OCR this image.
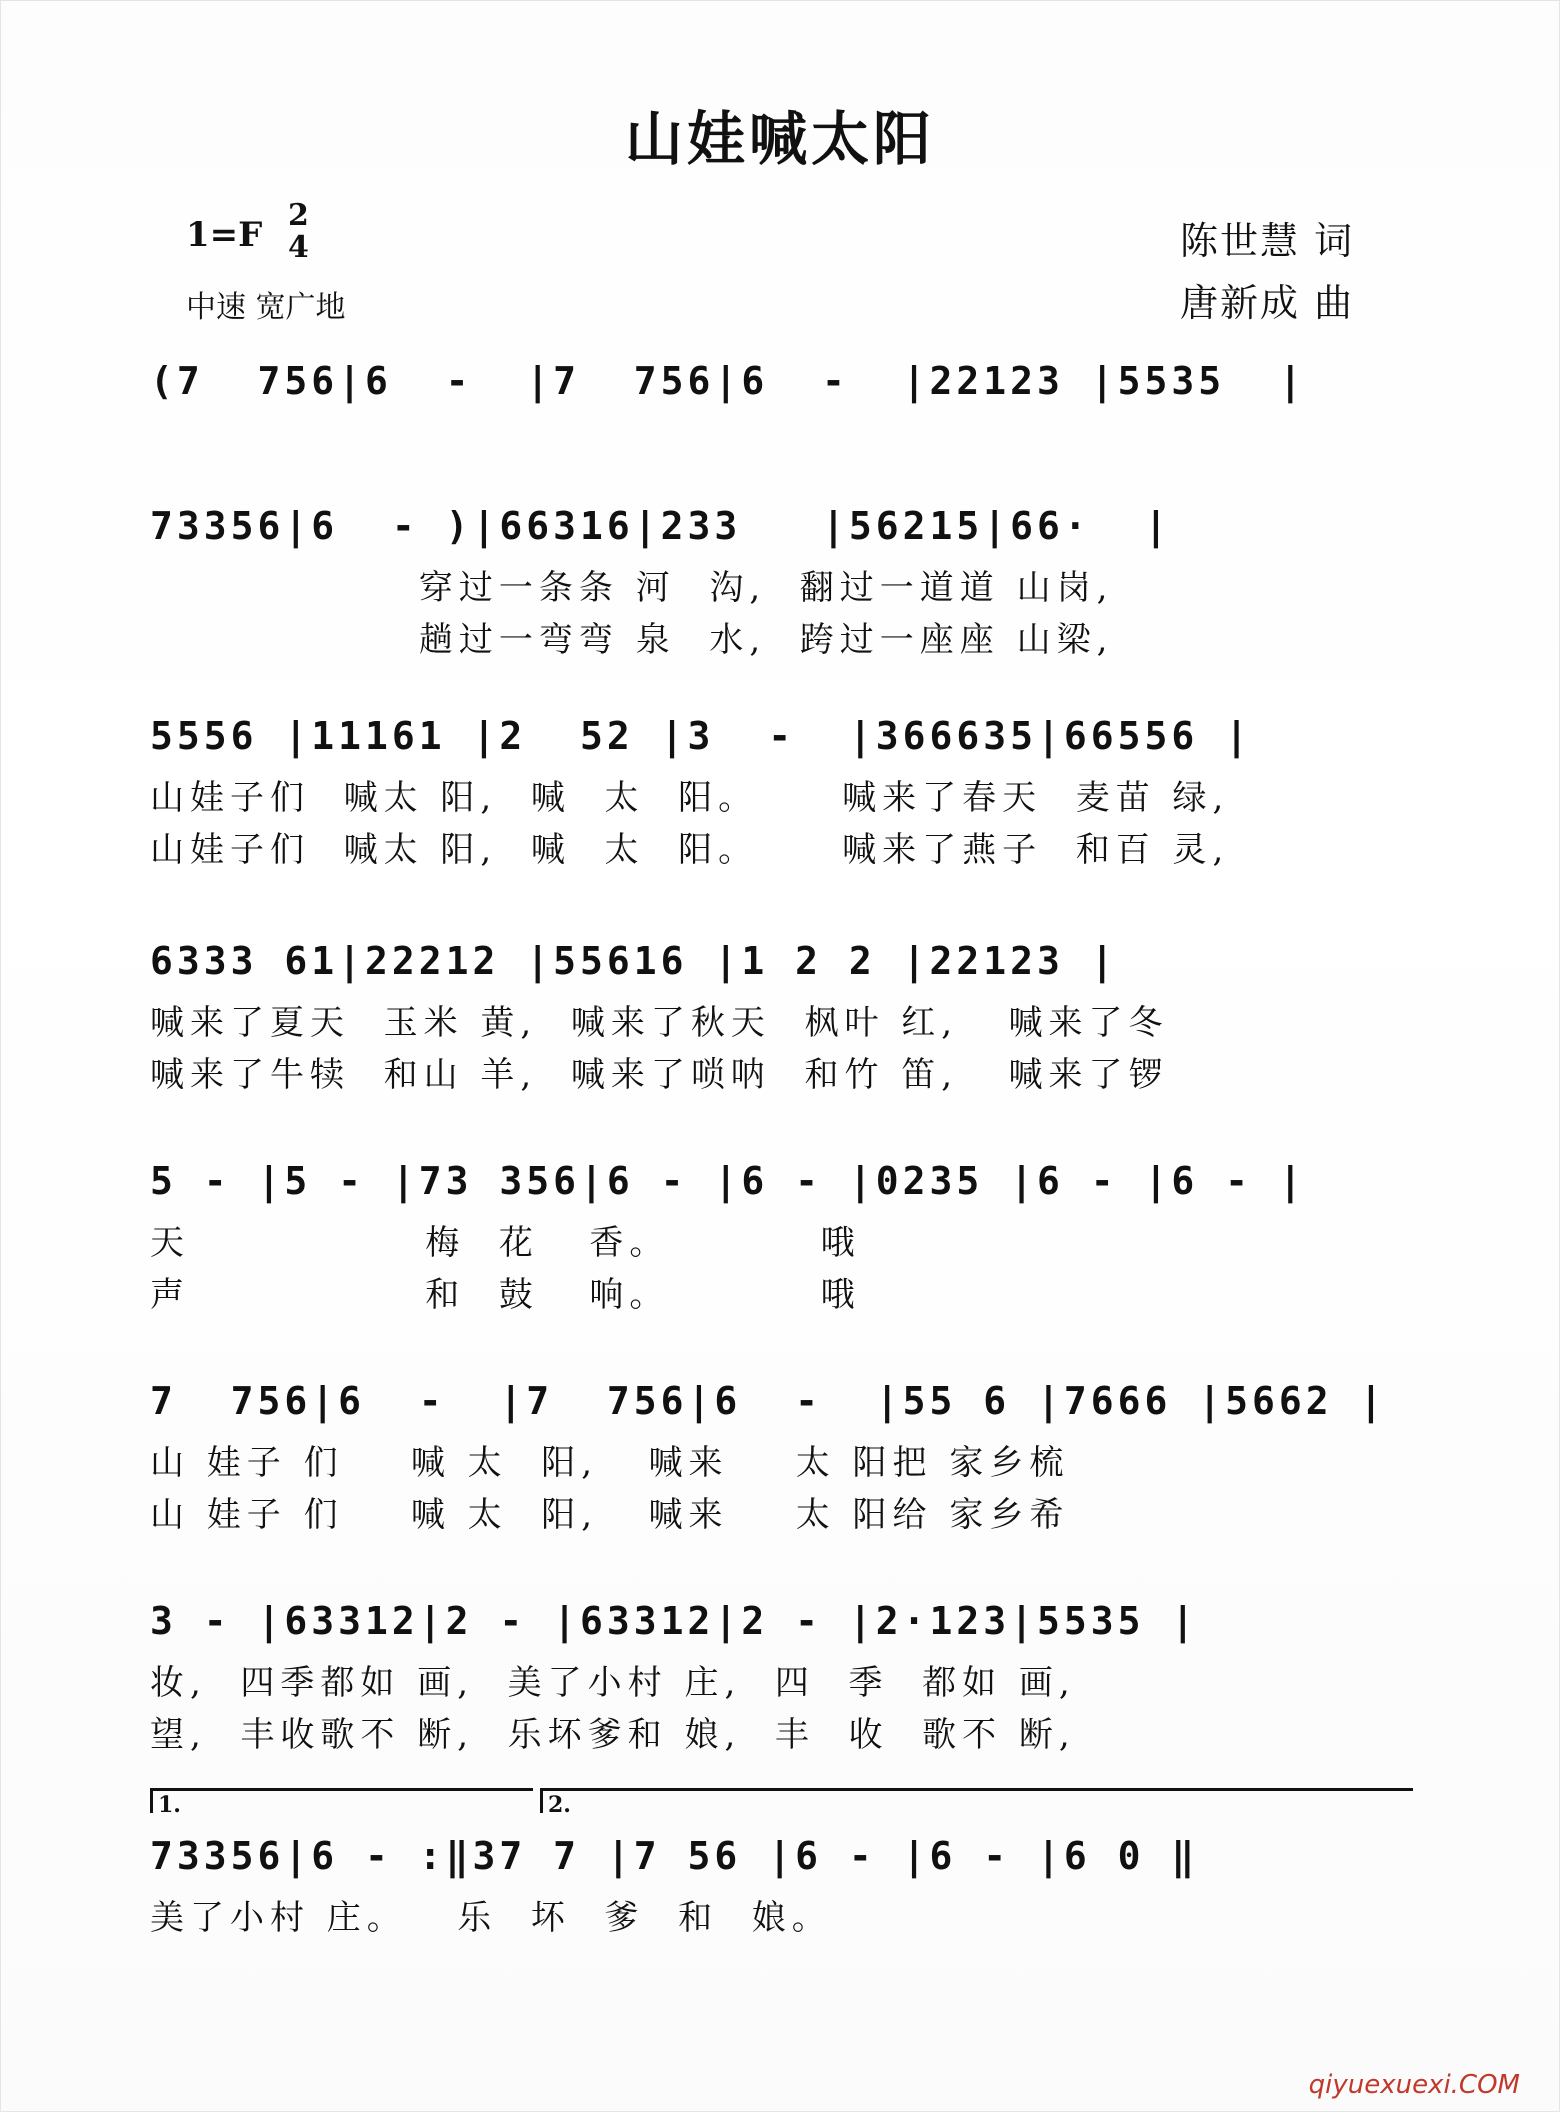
山娃喊太阳
1=F 2
4
中速 宽广地
陈世慧 词
唐新成 曲

(7  756|6  -  |7  756|6  -  |22123 |5535  |

73356|6  - )|66316|233   |56215|66·  |

穿过一条条 河  沟,  翻过一道道 山岗,
趟过一弯弯 泉  水,  跨过一座座 山梁,

5556 |11161 |2  52 |3  -  |366635|66556 |

山娃子们  喊太 阳,  喊  太  阳。     喊来了春天  麦苗 绿,
山娃子们  喊太 阳,  喊  太  阳。     喊来了燕子  和百 灵,

6333 61|22212 |55616 |1 2 2 |22123 |

喊来了夏天  玉米 黄,  喊来了秋天  枫叶 红,   喊来了冬
喊来了牛犊  和山 羊,  喊来了唢呐  和竹 笛,   喊来了锣

5 - |5 - |73 356|6 - |6 - |0235 |6 - |6 - |

天              梅  花   香。         哦
声              和  鼓   响。         哦

7  756|6  -  |7  756|6  -  |55 6 |7666 |5662 |

山 娃子 们    喊 太  阳,   喊来    太 阳把 家乡梳
山 娃子 们    喊 太  阳,   喊来    太 阳给 家乡希

3 - |63312|2 - |63312|2 - |2·123|5535 |

妆,  四季都如 画,  美了小村 庄,  四  季  都如 画,
望,  丰收歌不 断,  乐坏爹和 娘,  丰  收  歌不 断,
1.	2.

73356|6 - :‖37 7 |7 56 |6 - |6 - |6 0 ‖

美了小村 庄。   乐  坏  爹  和  娘。
qiyuexuexi.COM
